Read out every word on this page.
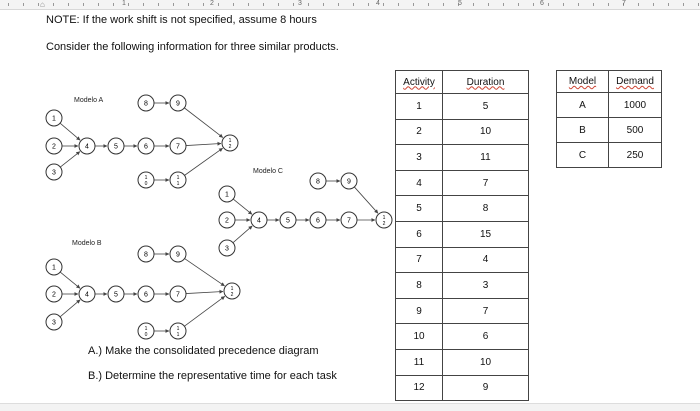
1	2	3	4	5	6	7
⌂
NOTE: If the work shift is not specified, assume 8 hours
Consider the following information for three similar products.
Modelo A
Modelo C
Modelo B
1
2
3
4	5	6	7
8	9
1
0
1
1
1
2
1
2
3
4	5	6	7
8	9
1
0
1
1
1
2
1
2
3
4	5	6	7
8	9
1
2
Activity	Duration
1	5
2	10
3	11
4	7
5	8
6	15
7	4
8	3
9	7
10	6
11	10
12	9
Model	Demand
A	1000
B	500
C	250
A.) Make the consolidated precedence diagram
B.) Determine the representative time for each task
